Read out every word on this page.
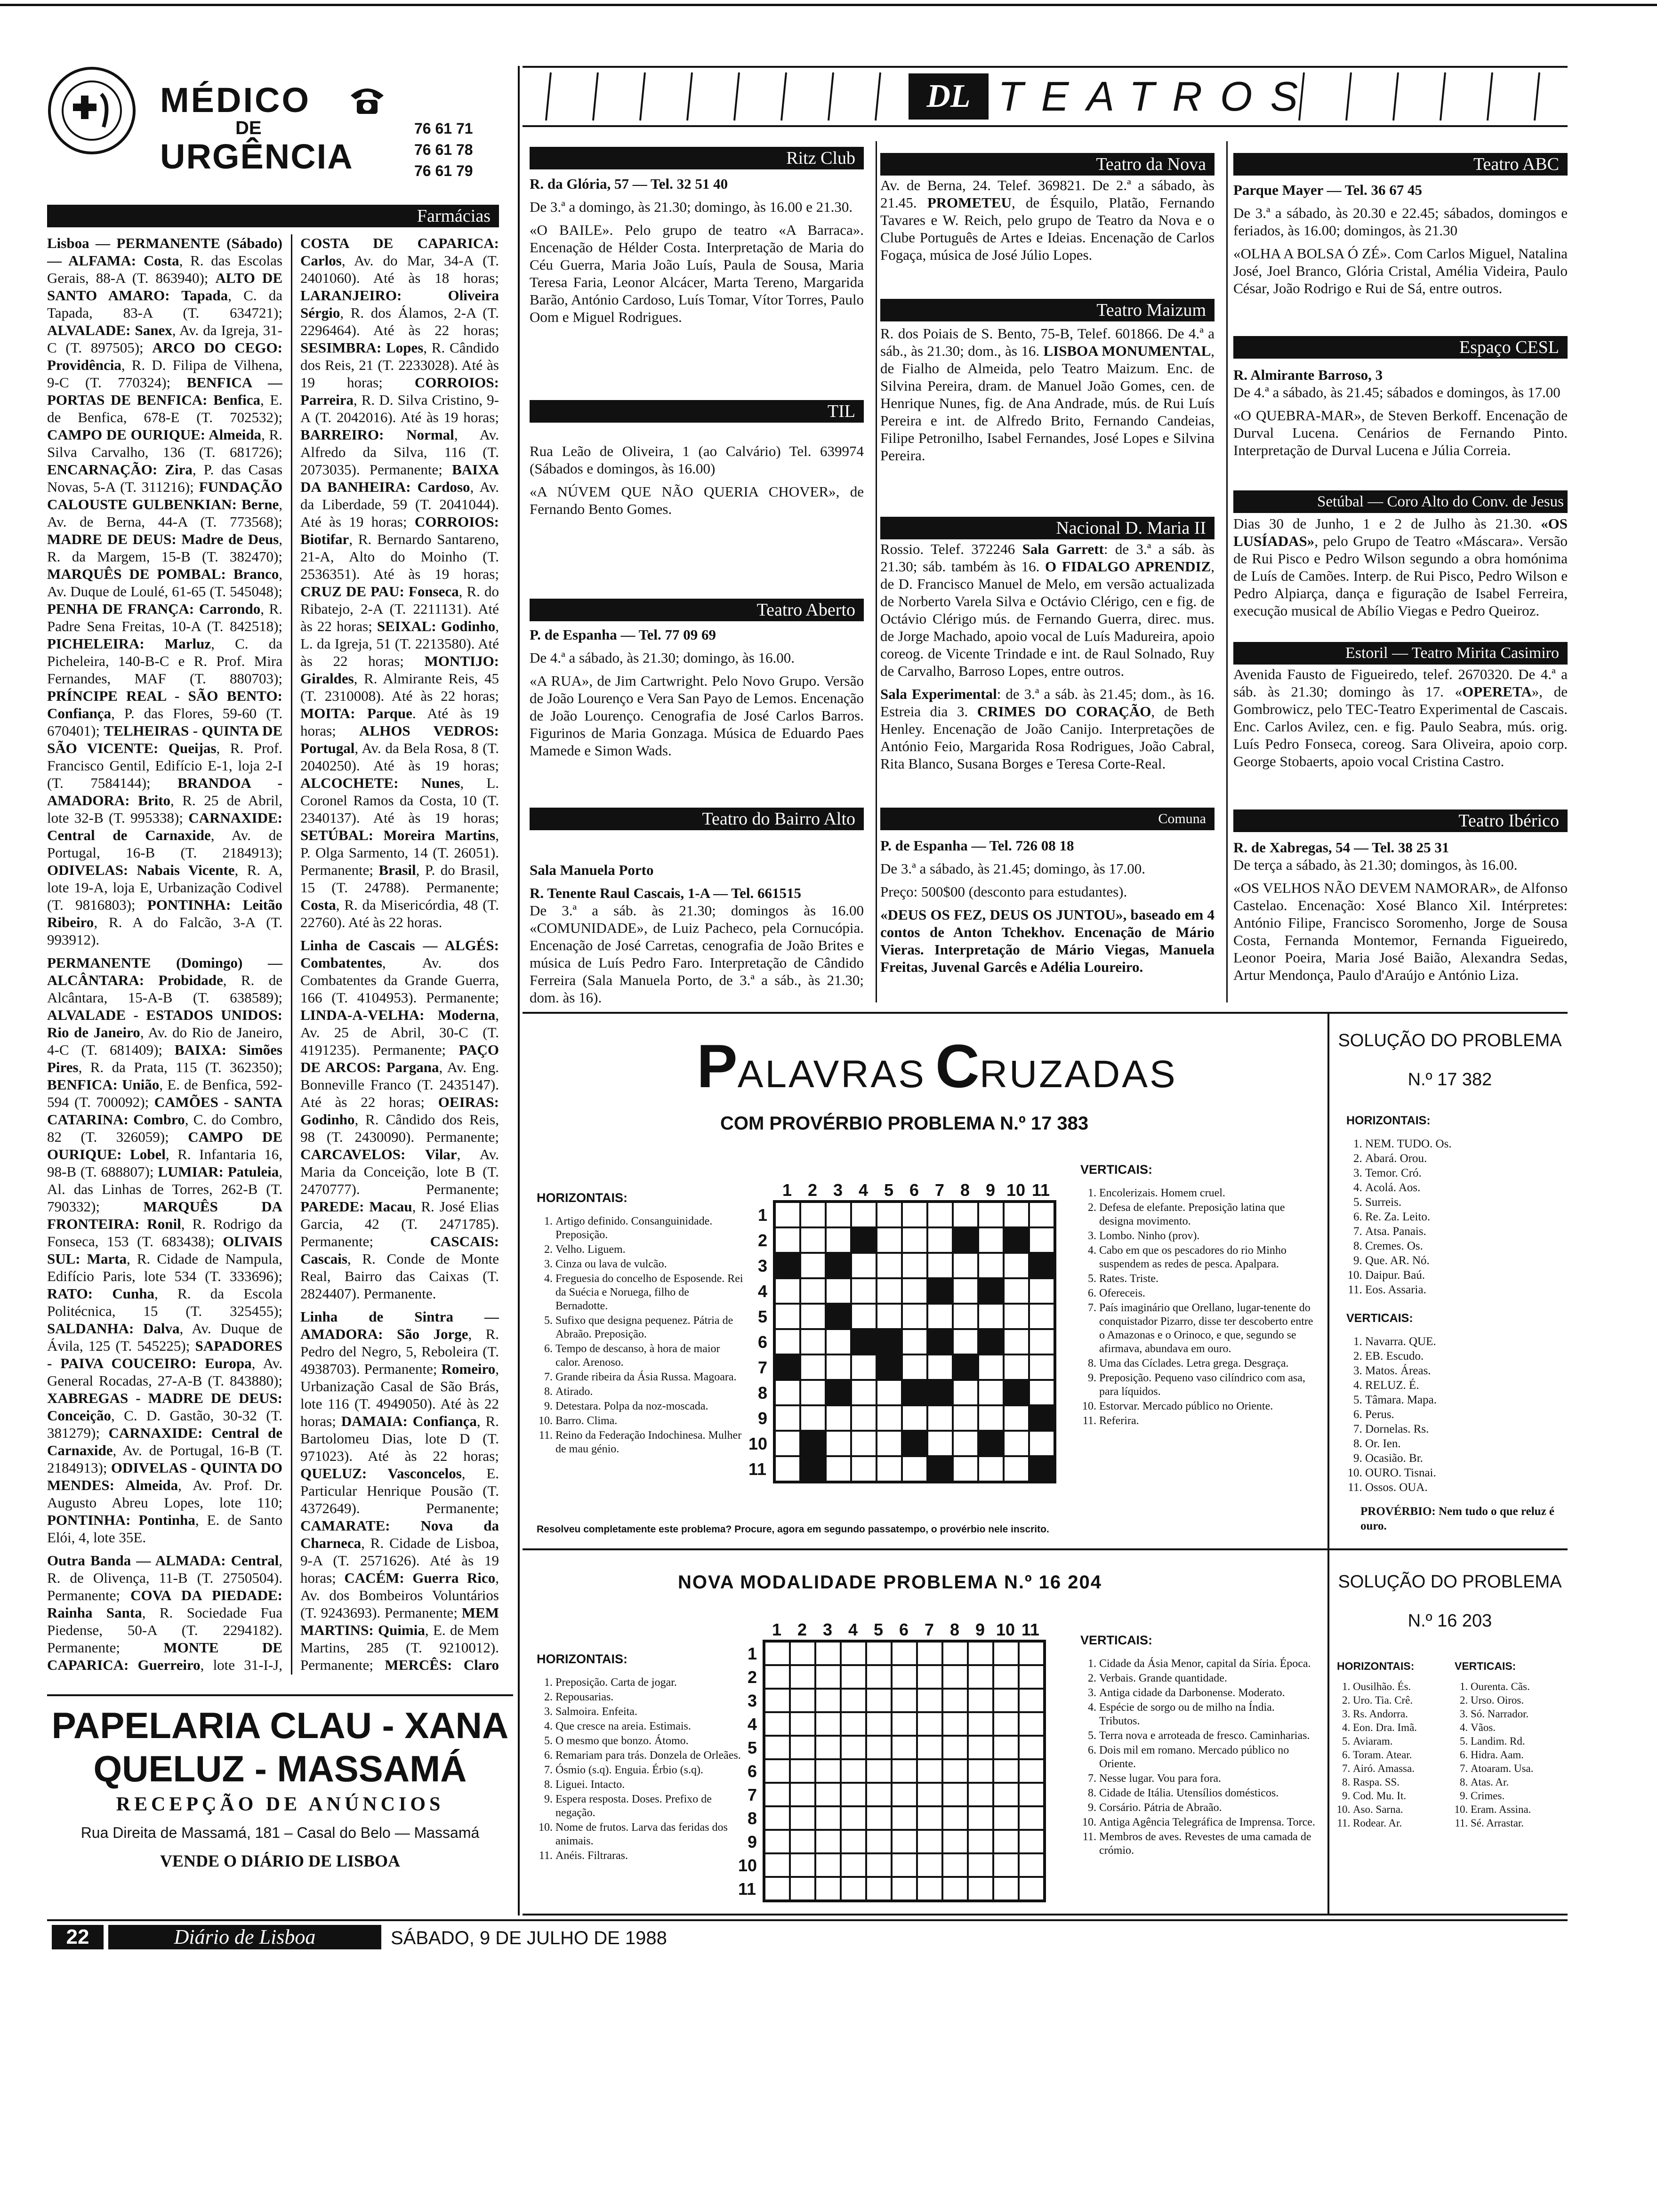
MÉDICO
DE
URGÊNCIA
76 61 71
76 61 78
76 61 79
Farmácias

Lisboa — PERMANENTE (Sábado) — ALFAMA: Costa, R. das Escolas Gerais, 88-A (T. 863940); ALTO DE SANTO AMARO: Tapada, C. da Tapada, 83-A (T. 634721); ALVALADE: Sanex, Av. da Igreja, 31-C (T. 897505); ARCO DO CEGO: Providência, R. D. Filipa de Vilhena, 9-C (T. 770324); BENFICA — PORTAS DE BENFICA: Benfica, E. de Benfica, 678-E (T. 702532); CAMPO DE OURIQUE: Almeida, R. Silva Carvalho, 136 (T. 681726); ENCARNAÇÃO: Zira, P. das Casas Novas, 5-A (T. 311216); FUNDAÇÃO CALOUSTE GULBENKIAN: Berne, Av. de Berna, 44-A (T. 773568); MADRE DE DEUS: Madre de Deus, R. da Margem, 15-B (T. 382470); MARQUÊS DE POMBAL: Branco, Av. Duque de Loulé, 61-65 (T. 545048); PENHA DE FRANÇA: Carrondo, R. Padre Sena Freitas, 10-A (T. 842518); PICHELEIRA: Marluz, C. da Picheleira, 140-B-C e R. Prof. Mira Fernandes, MAF (T. 880703); PRÍNCIPE REAL - SÃO BENTO: Confiança, P. das Flores, 59-60 (T. 670401); TELHEIRAS - QUINTA DE SÃO VICENTE: Queijas, R. Prof. Francisco Gentil, Edifício E-1, loja 2-I (T. 7584144); BRANDOA - AMADORA: Brito, R. 25 de Abril, lote 32-B (T. 995338); CARNAXIDE: Central de Carnaxide, Av. de Portugal, 16-B (T. 2184913); ODIVELAS: Nabais Vicente, R. A, lote 19-A, loja E, Urbanização Codivel (T. 9816803); PONTINHA: Leitão Ribeiro, R. A do Falcão, 3-A (T. 993912).

PERMANENTE (Domingo) — ALCÂNTARA: Probidade, R. de Alcântara, 15-A-B (T. 638589); ALVALADE - ESTADOS UNIDOS: Rio de Janeiro, Av. do Rio de Janeiro, 4-C (T. 681409); BAIXA: Simões Pires, R. da Prata, 115 (T. 362350); BENFICA: União, E. de Benfica, 592-594 (T. 700092); CAMÕES - SANTA CATARINA: Combro, C. do Combro, 82 (T. 326059); CAMPO DE OURIQUE: Lobel, R. Infantaria 16, 98-B (T. 688807); LUMIAR: Patuleia, Al. das Linhas de Torres, 262-B (T. 790332); MARQUÊS DA FRONTEIRA: Ronil, R. Rodrigo da Fonseca, 153 (T. 683438); OLIVAIS SUL: Marta, R. Cidade de Nampula, Edifício Paris, lote 534 (T. 333696); RATO: Cunha, R. da Escola Politécnica, 15 (T. 325455); SALDANHA: Dalva, Av. Duque de Ávila, 125 (T. 545225); SAPADORES - PAIVA COUCEIRO: Europa, Av. General Rocadas, 27-A-B (T. 843880); XABREGAS - MADRE DE DEUS: Conceição, C. D. Gastão, 30-32 (T. 381279); CARNAXIDE: Central de Carnaxide, Av. de Portugal, 16-B (T. 2184913); ODIVELAS - QUINTA DO MENDES: Almeida, Av. Prof. Dr. Augusto Abreu Lopes, lote 110; PONTINHA: Pontinha, E. de Santo Elói, 4, lote 35E.

Outra Banda — ALMADA: Central, R. de Olivença, 11-B (T. 2750504). Permanente; COVA DA PIEDADE: Rainha Santa, R. Sociedade Fua Piedense, 50-A (T. 2294182). Permanente; MONTE DE CAPARICA: Guerreiro, lote 31-I-J,

COSTA DE CAPARICA: Carlos, Av. do Mar, 34-A (T. 2401060). Até às 18 horas; LARANJEIRO: Oliveira Sérgio, R. dos Álamos, 2-A (T. 2296464). Até às 22 horas; SESIMBRA: Lopes, R. Cândido dos Reis, 21 (T. 2233028). Até às 19 horas; CORROIOS: Parreira, R. D. Silva Cristino, 9-A (T. 2042016). Até às 19 horas; BARREIRO: Normal, Av. Alfredo da Silva, 116 (T. 2073035). Permanente; BAIXA DA BANHEIRA: Cardoso, Av. da Liberdade, 59 (T. 2041044). Até às 19 horas; CORROIOS: Biotifar, R. Bernardo Santareno, 21-A, Alto do Moinho (T. 2536351). Até às 19 horas; CRUZ DE PAU: Fonseca, R. do Ribatejo, 2-A (T. 2211131). Até às 22 horas; SEIXAL: Godinho, L. da Igreja, 51 (T. 2213580). Até às 22 horas; MONTIJO: Giraldes, R. Almirante Reis, 45 (T. 2310008). Até às 22 horas; MOITA: Parque. Até às 19 horas; ALHOS VEDROS: Portugal, Av. da Bela Rosa, 8 (T. 2040250). Até às 19 horas; ALCOCHETE: Nunes, L. Coronel Ramos da Costa, 10 (T. 2340137). Até às 19 horas; SETÚBAL: Moreira Martins, P. Olga Sarmento, 14 (T. 26051). Permanente; Brasil, P. do Brasil, 15 (T. 24788). Permanente; Costa, R. da Misericórdia, 48 (T. 22760). Até às 22 horas.

Linha de Cascais — ALGÉS: Combatentes, Av. dos Combatentes da Grande Guerra, 166 (T. 4104953). Permanente; LINDA-A-VELHA: Moderna, Av. 25 de Abril, 30-C (T. 4191235). Permanente; PAÇO DE ARCOS: Pargana, Av. Eng. Bonneville Franco (T. 2435147). Até às 22 horas; OEIRAS: Godinho, R. Cândido dos Reis, 98 (T. 2430090). Permanente; CARCAVELOS: Vilar, Av. Maria da Conceição, lote B (T. 2470777). Permanente; PAREDE: Macau, R. José Elias Garcia, 42 (T. 2471785). Permanente; CASCAIS: Cascais, R. Conde de Monte Real, Bairro das Caixas (T. 2824407). Permanente.

Linha de Sintra — AMADORA: São Jorge, R. Pedro del Negro, 5, Reboleira (T. 4938703). Permanente; Romeiro, Urbanização Casal de São Brás, lote 116 (T. 4949050). Até às 22 horas; DAMAIA: Confiança, R. Bartolomeu Dias, lote D (T. 971023). Até às 22 horas; QUELUZ: Vasconcelos, E. Particular Henrique Pousão (T. 4372649). Permanente; CAMARATE: Nova da Charneca, R. Cidade de Lisboa, 9-A (T. 2571626). Até às 19 horas; CACÉM: Guerra Rico, Av. dos Bombeiros Voluntários (T. 9243693). Permanente; MEM MARTINS: Quimia, E. de Mem Martins, 285 (T. 9210012). Permanente; MERCÊS: Claro

PAPELARIA CLAU - XANA
QUELUZ - MASSAMÁ
RECEPÇÃO DE ANÚNCIOS
Rua Direita de Massamá, 181 – Casal do Belo — Massamá
VENDE O DIÁRIO DE LISBOA
22	Diário de Lisboa	SÁBADO, 9 DE JULHO DE 1988
DL TEATROS
Ritz Club

R. da Glória, 57 — Tel. 32 51 40

De 3.ª a domingo, às 21.30; domingo, às 16.00 e 21.30.

«O BAILE». Pelo grupo de teatro «A Barraca». Encenação de Hélder Costa. Interpretação de Maria do Céu Guerra, Maria João Luís, Paula de Sousa, Maria Teresa Faria, Leonor Alcácer, Marta Tereno, Margarida Barão, António Cardoso, Luís Tomar, Vítor Torres, Paulo Oom e Miguel Rodrigues.

TIL

Rua Leão de Oliveira, 1 (ao Calvário) Tel. 639974 (Sábados e domingos, às 16.00)

«A NÚVEM QUE NÃO QUERIA CHOVER», de Fernando Bento Gomes.

Teatro Aberto

P. de Espanha — Tel. 77 09 69

De 4.ª a sábado, às 21.30; domingo, às 16.00.

«A RUA», de Jim Cartwright. Pelo Novo Grupo. Versão de João Lourenço e Vera San Payo de Lemos. Encenação de João Lourenço. Cenografia de José Carlos Barros. Figurinos de Maria Gonzaga. Música de Eduardo Paes Mamede e Simon Wads.

Teatro do Bairro Alto

Sala Manuela Porto

R. Tenente Raul Cascais, 1-A — Tel. 661515

De 3.ª a sáb. às 21.30; domingos às 16.00 «COMUNIDADE», de Luiz Pacheco, pela Cornucópia. Encenação de José Carretas, cenografia de João Brites e música de Luís Pedro Faro. Interpretação de Cândido Ferreira (Sala Manuela Porto, de 3.ª a sáb., às 21.30; dom. às 16).

Teatro da Nova

Av. de Berna, 24. Telef. 369821. De 2.ª a sábado, às 21.45. PROMETEU, de Ésquilo, Platão, Fernando Tavares e W. Reich, pelo grupo de Teatro da Nova e o Clube Português de Artes e Ideias. Encenação de Carlos Fogaça, música de José Júlio Lopes.

Teatro Maizum

R. dos Poiais de S. Bento, 75-B, Telef. 601866. De 4.ª a sáb., às 21.30; dom., às 16. LISBOA MONUMENTAL, de Fialho de Almeida, pelo Teatro Maizum. Enc. de Silvina Pereira, dram. de Manuel João Gomes, cen. de Henrique Nunes, fig. de Ana Andrade, mús. de Rui Luís Pereira e int. de Alfredo Brito, Fernando Candeias, Filipe Petronilho, Isabel Fernandes, José Lopes e Silvina Pereira.

Nacional D. Maria II

Rossio. Telef. 372246 Sala Garrett: de 3.ª a sáb. às 21.30; sáb. também às 16. O FIDALGO APRENDIZ, de D. Francisco Manuel de Melo, em versão actualizada de Norberto Varela Silva e Octávio Clérigo, cen e fig. de Octávio Clérigo mús. de Fernando Guerra, direc. mus. de Jorge Machado, apoio vocal de Luís Madureira, apoio coreog. de Vicente Trindade e int. de Raul Solnado, Ruy de Carvalho, Barroso Lopes, entre outros.

Sala Experimental: de 3.ª a sáb. às 21.45; dom., às 16. Estreia dia 3. CRIMES DO CORAÇÃO, de Beth Henley. Encenação de João Canijo. Interpretações de António Feio, Margarida Rosa Rodrigues, João Cabral, Rita Blanco, Susana Borges e Teresa Corte-Real.

Comuna

P. de Espanha — Tel. 726 08 18

De 3.ª a sábado, às 21.45; domingo, às 17.00.

Preço: 500$00 (desconto para estudantes).

«DEUS OS FEZ, DEUS OS JUNTOU», baseado em 4 contos de Anton Tchekhov. Encenação de Mário Vieras. Interpretação de Mário Viegas, Manuela Freitas, Juvenal Garcês e Adélia Loureiro.

Teatro ABC

Parque Mayer — Tel. 36 67 45

De 3.ª a sábado, às 20.30 e 22.45; sábados, domingos e feriados, às 16.00; domingos, às 21.30

«OLHA A BOLSA Ó ZÉ». Com Carlos Miguel, Natalina José, Joel Branco, Glória Cristal, Amélia Videira, Paulo César, João Rodrigo e Rui de Sá, entre outros.

Espaço CESL

R. Almirante Barroso, 3

De 4.ª a sábado, às 21.45; sábados e domingos, às 17.00

«O QUEBRA-MAR», de Steven Berkoff. Encenação de Durval Lucena. Cenários de Fernando Pinto. Interpretação de Durval Lucena e Júlia Correia.

Setúbal — Coro Alto do Conv. de Jesus

Dias 30 de Junho, 1 e 2 de Julho às 21.30. «OS LUSÍADAS», pelo Grupo de Teatro «Máscara». Versão de Rui Pisco e Pedro Wilson segundo a obra homónima de Luís de Camões. Interp. de Rui Pisco, Pedro Wilson e Pedro Alpiarça, dança e figuração de Isabel Ferreira, execução musical de Abílio Viegas e Pedro Queiroz.

Estoril — Teatro Mirita Casimiro

Avenida Fausto de Figueiredo, telef. 2670320. De 4.ª a sáb. às 21.30; domingo às 17. «OPERETA», de Gombrowicz, pelo TEC-Teatro Experimental de Cascais. Enc. Carlos Avilez, cen. e fig. Paulo Seabra, mús. orig. Luís Pedro Fonseca, coreog. Sara Oliveira, apoio corp. George Stobaerts, apoio vocal Cristina Castro.

Teatro Ibérico

R. de Xabregas, 54 — Tel. 38 25 31

De terça a sábado, às 21.30; domingos, às 16.00.

«OS VELHOS NÃO DEVEM NAMORAR», de Alfonso Castelao. Encenação: Xosé Blanco Xil. Intérpretes: António Filipe, Francisco Soromenho, Jorge de Sousa Costa, Fernanda Montemor, Fernanda Figueiredo, Leonor Poeira, Maria José Baião, Alexandra Sedas, Artur Mendonça, Paulo d'Araújo e António Liza.

PALAVRAS CRUZADAS
COM PROVÉRBIO PROBLEMA N.º 17 383
HORIZONTAIS:
1. Artigo definido. Consanguinidade. Preposição.
2. Velho. Liguem.
3. Cinza ou lava de vulcão.
4. Freguesia do concelho de Esposende. Rei da Suécia e Noruega, filho de Bernadotte.
5. Sufixo que designa pequenez. Pátria de Abraão. Preposição.
6. Tempo de descanso, à hora de maior calor. Arenoso.
7. Grande ribeira da Ásia Russa. Magoara.
8. Atirado.
9. Detestara. Polpa da noz-moscada.
10. Barro. Clima.
11. Reino da Federação Indochinesa. Mulher de mau génio.
1 2 3 4 5 6 7 8 9 10 11
1
2
3
4
5
6
7
8
9
10
11
VERTICAIS:
1. Encolerizais. Homem cruel.
2. Defesa de elefante. Preposição latina que designa movimento.
3. Lombo. Ninho (prov).
4. Cabo em que os pescadores do rio Minho suspendem as redes de pesca. Apalpara.
5. Rates. Triste.
6. Ofereceis.
7. País imaginário que Orellano, lugar-tenente do conquistador Pizarro, disse ter descoberto entre o Amazonas e o Orinoco, e que, segundo se afirmava, abundava em ouro.
8. Uma das Cíclades. Letra grega. Desgraça.
9. Preposição. Pequeno vaso cilíndrico com asa, para líquidos.
10. Estorvar. Mercado público no Oriente.
11. Referira.
Resolveu completamente este problema? Procure, agora em segundo passatempo, o provérbio nele inscrito.
SOLUÇÃO DO PROBLEMA
N.º 17 382
HORIZONTAIS:
1. NEM. TUDO. Os.
2. Abará. Orou.
3. Temor. Cró.
4. Acolá. Aos.
5. Surreis.
6. Re. Za. Leito.
7. Atsa. Panais.
8. Cremes. Os.
9. Que. AR. Nó.
10. Daipur. Baú.
11. Eos. Assaria.
VERTICAIS:
1. Navarra. QUE.
2. EB. Escudo.
3. Matos. Áreas.
4. RELUZ. É.
5. Tâmara. Mapa.
6. Perus.
7. Dornelas. Rs.
8. Or. Ien.
9. Ocasião. Br.
10. OURO. Tisnai.
11. Ossos. OUA.
PROVÉRBIO: Nem tudo o que reluz é ouro.
NOVA MODALIDADE PROBLEMA N.º 16 204
HORIZONTAIS:
1. Preposição. Carta de jogar.
2. Repousarias.
3. Salmoira. Enfeita.
4. Que cresce na areia. Estimais.
5. O mesmo que bonzo. Átomo.
6. Remariam para trás. Donzela de Orleães.
7. Ósmio (s.q). Enguia. Érbio (s.q).
8. Liguei. Intacto.
9. Espera resposta. Doses. Prefixo de negação.
10. Nome de frutos. Larva das feridas dos animais.
11. Anéis. Filtraras.
1 2 3 4 5 6 7 8 9 10 11
1
2
3
4
5
6
7
8
9
10
11
VERTICAIS:
1. Cidade da Ásia Menor, capital da Síria. Época.
2. Verbais. Grande quantidade.
3. Antiga cidade da Darbonense. Moderato.
4. Espécie de sorgo ou de milho na Índia. Tributos.
5. Terra nova e arroteada de fresco. Caminharias.
6. Dois mil em romano. Mercado público no Oriente.
7. Nesse lugar. Vou para fora.
8. Cidade de Itália. Utensílios domésticos.
9. Corsário. Pátria de Abraão.
10. Antiga Agência Telegráfica de Imprensa. Torce.
11. Membros de aves. Revestes de uma camada de crómio.
SOLUÇÃO DO PROBLEMA
N.º 16 203
HORIZONTAIS:
1. Ousilhão. És.
2. Uro. Tia. Crê.
3. Rs. Andorra.
4. Eon. Dra. Imã.
5. Aviaram.
6. Toram. Atear.
7. Airó. Amassa.
8. Raspa. SS.
9. Cod. Mu. It.
10. Aso. Sarna.
11. Rodear. Ar.
VERTICAIS:
1. Ourenta. Cãs.
2. Urso. Oiros.
3. Só. Narrador.
4. Vãos.
5. Landim. Rd.
6. Hidra. Aam.
7. Atoaram. Usa.
8. Atas. Ar.
9. Crimes.
10. Eram. Assina.
11. Sé. Arrastar.
